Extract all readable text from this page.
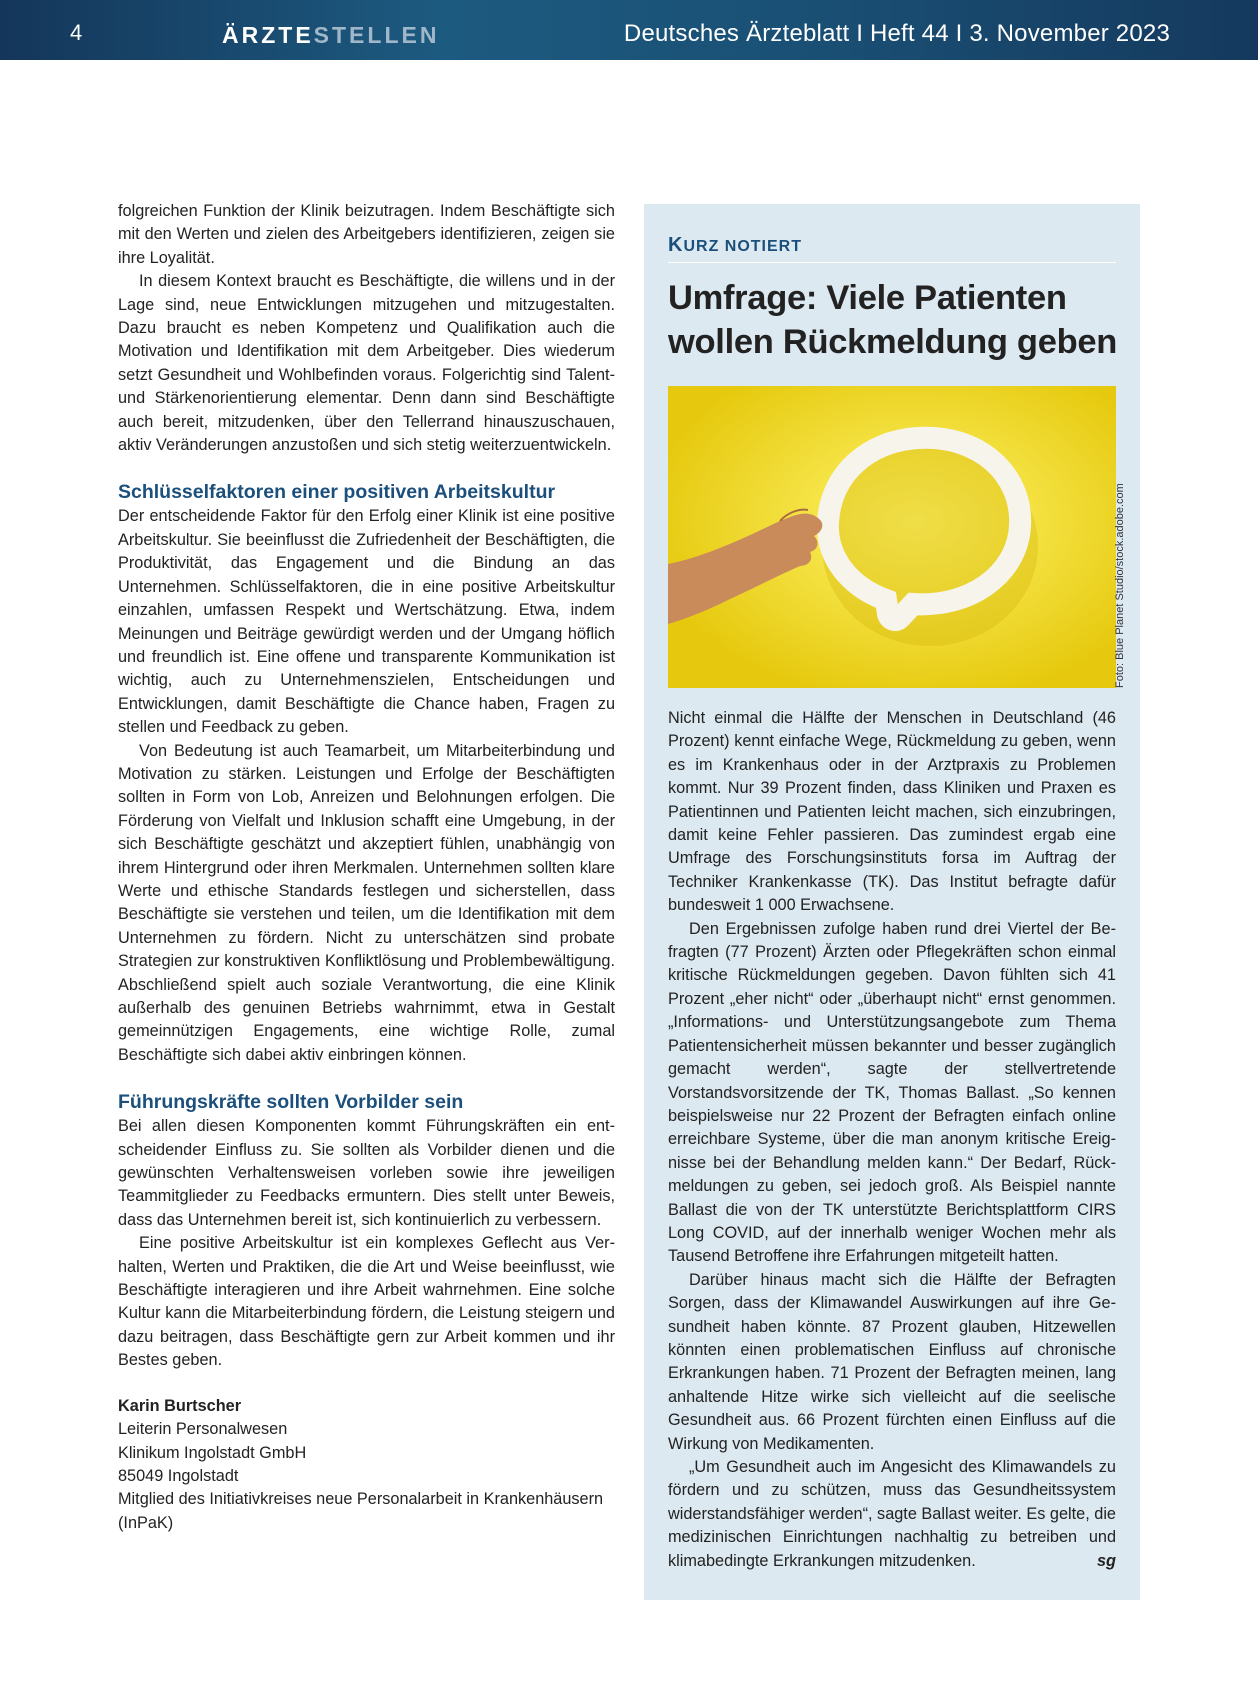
4	ÄRZTE STELLEN	Deutsches Ärzteblatt I Heft 44 I 3. November 2023

folgreichen Funktion der Klinik beizutragen. Indem Beschäftigte sich mit den Werten und zielen des Arbeitgebers identifizieren, zeigen sie ihre Loyalität.

In diesem Kontext braucht es Beschäftigte, die willens und in der Lage sind, neue Entwicklungen mitzugehen und mitzugestalten. Dazu braucht es neben Kompetenz und Qualifikation auch die Motivation und Identifikation mit dem Arbeitgeber. Dies wiederum setzt Gesundheit und Wohlbefinden voraus. Folgerichtig sind Talent- und Stärkenorientierung elementar. Denn dann sind Beschäftigte auch bereit, mitzudenken, über den Tellerrand hinauszuschauen, aktiv Veränderungen anzustoßen und sich stetig weiterzuentwickeln.

Schlüsselfaktoren einer positiven Arbeitskultur

Der entscheidende Faktor für den Erfolg einer Klinik ist eine positive Arbeitskultur. Sie beeinflusst die Zufriedenheit der Beschäftigten, die Produktivität, das Engagement und die Bindung an das Unternehmen. Schlüsselfaktoren, die in eine positive Arbeitskultur einzahlen, umfassen Respekt und Wertschätzung. Etwa, indem Meinungen und Beiträge gewürdigt werden und der Umgang höflich und freundlich ist. Eine offene und transparente Kommunikation ist wichtig, auch zu Unternehmenszielen, Entscheidungen und Entwicklungen, damit Beschäftigte die Chance haben, Fragen zu stellen und Feedback zu geben.

Von Bedeutung ist auch Teamarbeit, um Mitarbeiterbindung und Motivation zu stärken. Leistungen und Erfolge der Beschäftigten sollten in Form von Lob, Anreizen und Belohnungen erfolgen. Die Förderung von Vielfalt und Inklusion schafft eine Umgebung, in der sich Beschäftigte geschätzt und akzeptiert fühlen, unabhängig von ihrem Hintergrund oder ihren Merkmalen. Unternehmen sollten klare Werte und ethische Standards festlegen und sicherstellen, dass Beschäftigte sie verstehen und teilen, um die Identifikation mit dem Unternehmen zu fördern. Nicht zu unterschätzen sind probate Strategien zur konstruktiven Konfliktlösung und Problembewältigung. Abschließend spielt auch soziale Verantwortung, die eine Klinik außerhalb des genuinen Betriebs wahrnimmt, etwa in Gestalt gemeinnützigen Engagements, eine wichtige Rolle, zumal Beschäftigte sich dabei aktiv einbringen können.

Führungskräfte sollten Vorbilder sein

Bei allen diesen Komponenten kommt Führungskräften ein entscheidender Einfluss zu. Sie sollten als Vorbilder dienen und die gewünschten Verhaltensweisen vorleben sowie ihre jeweiligen Teammitglieder zu Feedbacks ermuntern. Dies stellt unter Beweis, dass das Unternehmen bereit ist, sich kontinuierlich zu verbessern.

Eine positive Arbeitskultur ist ein komplexes Geflecht aus Verhalten, Werten und Praktiken, die die Art und Weise beeinflusst, wie Beschäftigte interagieren und ihre Arbeit wahrnehmen. Eine solche Kultur kann die Mitarbeiterbindung fördern, die Leistung steigern und dazu beitragen, dass Beschäftigte gern zur Arbeit kommen und ihr Bestes geben.

Karin Burtscher
Leiterin Personalwesen
Klinikum Ingolstadt GmbH
85049 Ingolstadt
Mitglied des Initiativkreises neue Personalarbeit in Krankenhäusern (InPaK)
KURZ NOTIERT
Umfrage: Viele Patienten wollen Rückmeldung geben
Foto: Blue Planet Studio/stock.adobe.com

Nicht einmal die Hälfte der Menschen in Deutschland (46 Prozent) kennt einfache Wege, Rückmeldung zu geben, wenn es im Krankenhaus oder in der Arztpraxis zu Problemen kommt. Nur 39 Prozent finden, dass Kliniken und Praxen es Patientinnen und Patienten leicht machen, sich einzubringen, damit keine Fehler passieren. Das zumindest ergab eine Umfrage des Forschungsinstituts forsa im Auftrag der Techniker Krankenkasse (TK). Das Institut befragte dafür bundesweit 1 000 Erwachsene.

Den Ergebnissen zufolge haben rund drei Viertel der Befragten (77 Prozent) Ärzten oder Pflegekräften schon einmal kritische Rückmeldungen gegeben. Davon fühlten sich 41 Prozent „eher nicht“ oder „überhaupt nicht“ ernst genommen. „Informations- und Unterstützungsangebote zum Thema Patientensicherheit müssen bekannter und besser zugänglich gemacht werden“, sagte der stellvertretende Vorstandsvorsitzende der TK, Thomas Ballast. „So kennen beispielsweise nur 22 Prozent der Befragten einfach online erreichbare Systeme, über die man anonym kritische Ereignisse bei der Behandlung melden kann.“ Der Bedarf, Rückmeldungen zu geben, sei jedoch groß. Als Beispiel nannte Ballast die von der TK unterstützte Berichtsplattform CIRS Long COVID, auf der innerhalb weniger Wochen mehr als Tausend Betroffene ihre Erfahrungen mitgeteilt hatten.

Darüber hinaus macht sich die Hälfte der Befragten Sorgen, dass der Klimawandel Auswirkungen auf ihre Gesundheit haben könnte. 87 Prozent glauben, Hitzewellen könnten einen problematischen Einfluss auf chronische Erkrankungen haben. 71 Prozent der Befragten meinen, lang anhaltende Hitze wirke sich vielleicht auf die seelische Gesundheit aus. 66 Prozent fürchten einen Einfluss auf die Wirkung von Medikamenten.

„Um Gesundheit auch im Angesicht des Klimawandels zu fördern und zu schützen, muss das Gesundheitssystem widerstandsfähiger werden“, sagte Ballast weiter. Es gelte, die medizinischen Einrichtungen nachhaltig zu betreiben und klimabedingte Erkrankungen mitzudenken.	sg
